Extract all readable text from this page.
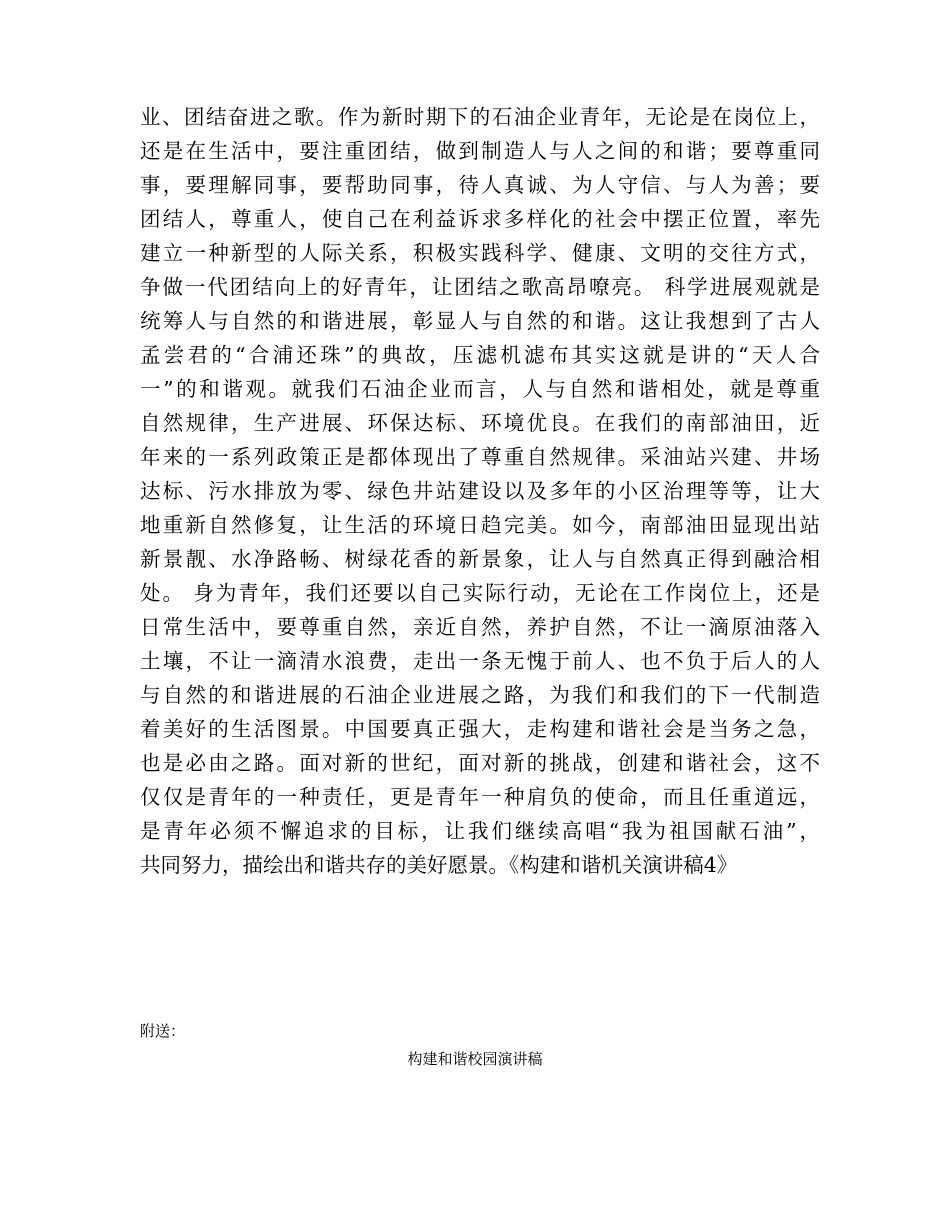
业、团结奋进之歌。作为新时期下的石油企业青年，无论是在岗位上，
还是在生活中，要注重团结，做到制造人与人之间的和谐；要尊重同
事，要理解同事，要帮助同事，待人真诚、为人守信、与人为善；要
团结人，尊重人，使自己在利益诉求多样化的社会中摆正位置，率先
建立一种新型的人际关系，积极实践科学、健康、文明的交往方式，
争做一代团结向上的好青年，让团结之歌高昂嘹亮。 科学进展观就是
统筹人与自然的和谐进展，彰显人与自然的和谐。这让我想到了古人
孟尝君的“合浦还珠”的典故，压滤机滤布其实这就是讲的“天人合
一”的和谐观。就我们石油企业而言，人与自然和谐相处，就是尊重
自然规律，生产进展、环保达标、环境优良。在我们的南部油田，近
年来的一系列政策正是都体现出了尊重自然规律。采油站兴建、井场
达标、污水排放为零、绿色井站建设以及多年的小区治理等等，让大
地重新自然修复，让生活的环境日趋完美。如今，南部油田显现出站
新景靓、水净路畅、树绿花香的新景象，让人与自然真正得到融洽相
处。 身为青年，我们还要以自己实际行动，无论在工作岗位上，还是
日常生活中，要尊重自然，亲近自然，养护自然，不让一滴原油落入
土壤，不让一滴清水浪费，走出一条无愧于前人、也不负于后人的人
与自然的和谐进展的石油企业进展之路，为我们和我们的下一代制造
着美好的生活图景。中国要真正强大，走构建和谐社会是当务之急，
也是必由之路。面对新的世纪，面对新的挑战，创建和谐社会，这不
仅仅是青年的一种责任，更是青年一种肩负的使命，而且任重道远，
是青年必须不懈追求的目标，让我们继续高唱“我为祖国献石油”，
共同努力，描绘出和谐共存的美好愿景。《构建和谐机关演讲稿4》

附送：

构建和谐校园演讲稿
